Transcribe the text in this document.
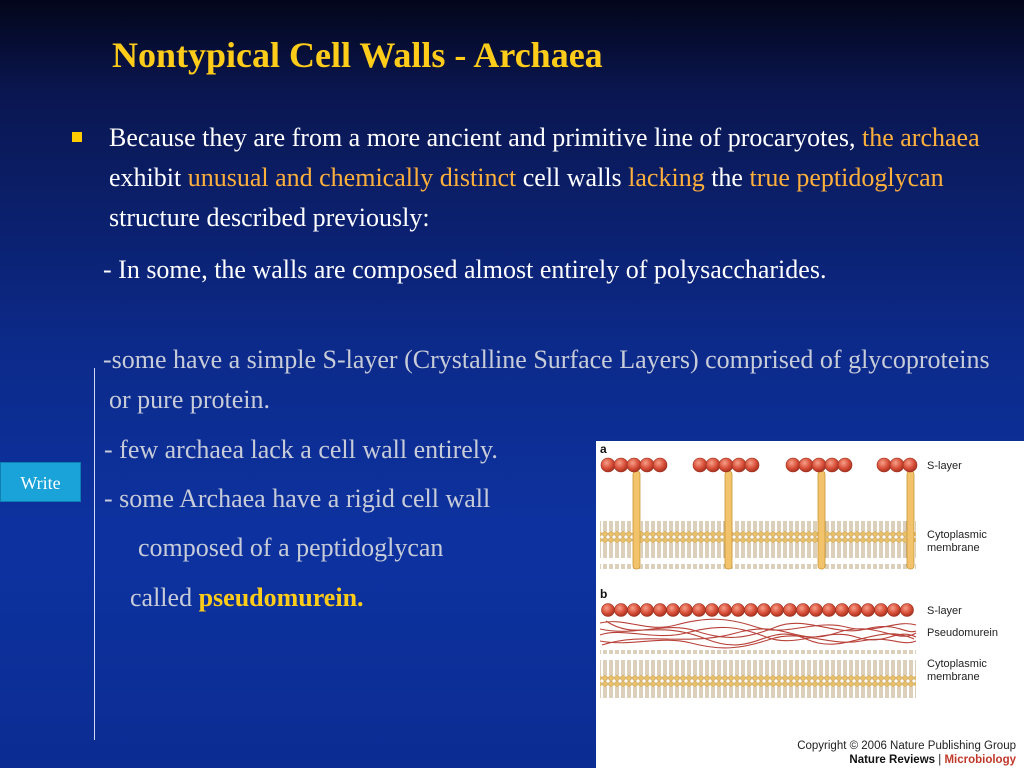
Nontypical Cell Walls - Archaea

Because they are from a more ancient and primitive line of procaryotes, the archaea exhibit unusual and chemically distinct cell walls lacking the true peptidoglycan structure described previously:

- In some, the walls are composed almost entirely of polysaccharides.

-some have a simple S-layer (Crystalline Surface Layers) comprised of glycoproteins or pure protein.

- few archaea lack a cell wall entirely.

- some Archaea have a rigid cell wall

composed of a peptidoglycan

called pseudomurein.

Write
a
S-layer
Cytoplasmic
membrane
b
S-layer
Pseudomurein
Cytoplasmic
membrane
Copyright © 2006 Nature Publishing Group
Nature Reviews | Microbiology
